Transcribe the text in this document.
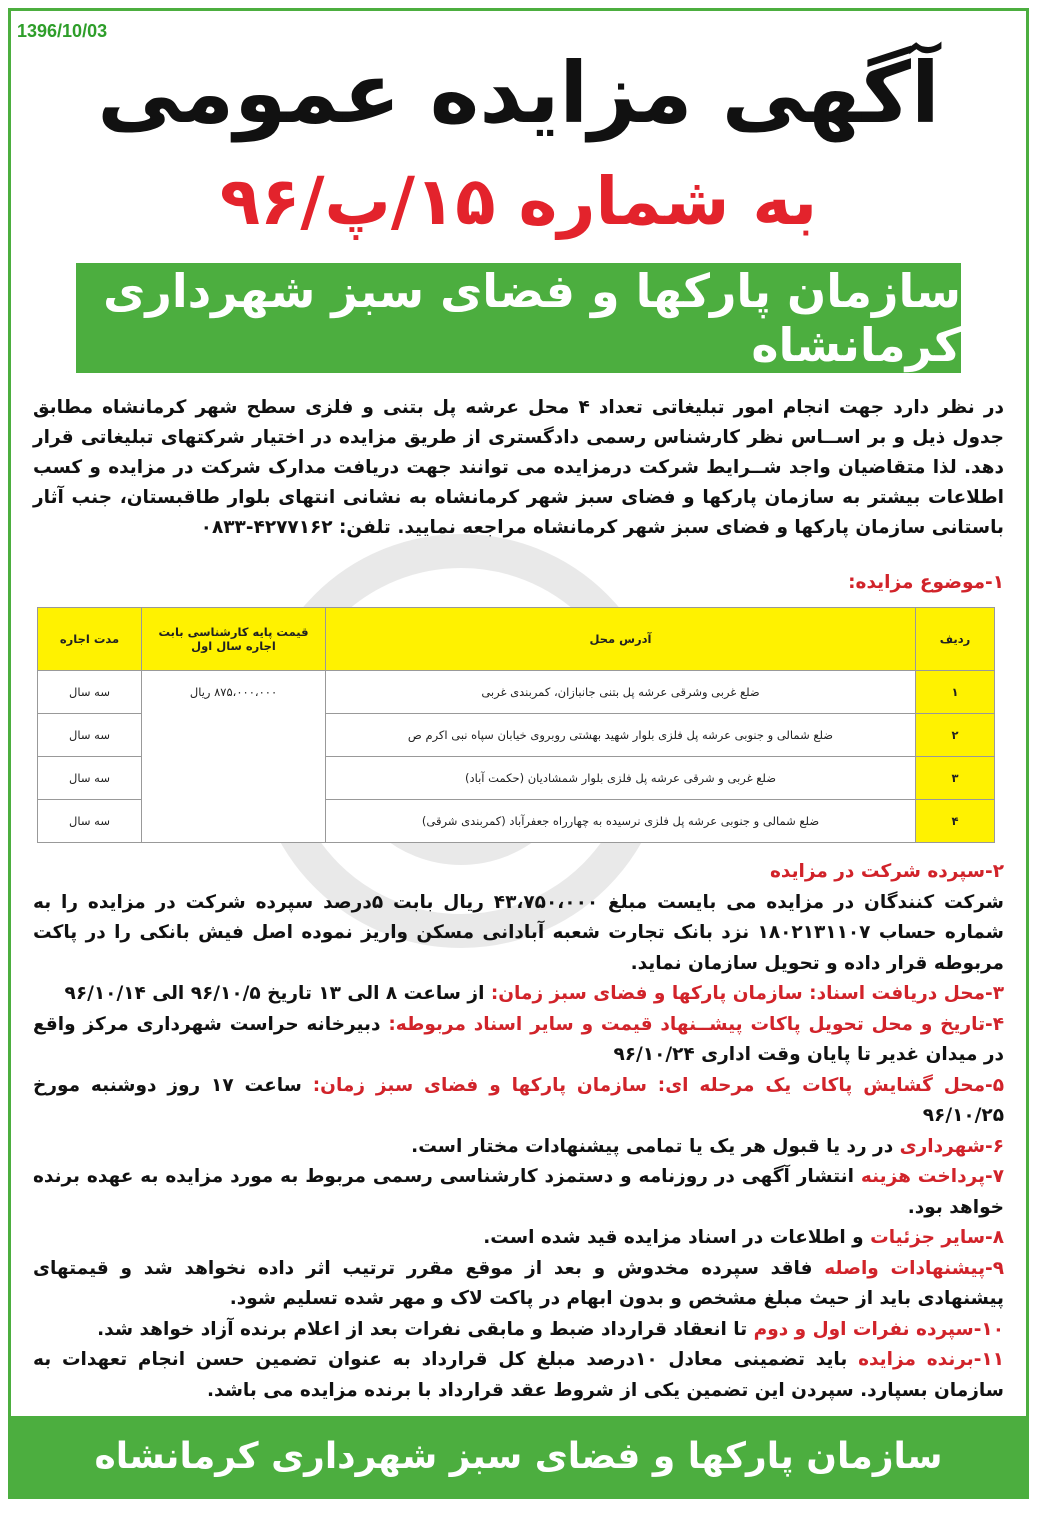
1396/10/03
آگهی مزایده عمومی
به شماره ۱۵/پ/۹۶
سازمان پارکها و فضای سبز شهرداری کرمانشاه
در نظر دارد جهت انجام امور تبلیغاتی تعداد ۴ محل عرشه پل بتنی و فلزی سطح شهر کرمانشاه مطابق جدول ذیل و بر اســاس نظر کارشناس رسمی دادگستری از طریق مزایده در اختیار شرکتهای تبلیغاتی قرار دهد. لذا متقاضیان واجد شــرایط شرکت درمزایده می توانند جهت دریافت مدارک شرکت در مزایده و کسب اطلاعات بیشتر به سازمان پارکها و فضای سبز شهر کرمانشاه به نشانی انتهای بلوار طاقبستان، جنب آثار باستانی سازمان پارکها و فضای سبز شهر کرمانشاه مراجعه نمایید. تلفن: ۴۲۷۷۱۶۲-۰۸۳۳
۱-موضوع مزایده:
ردیف	آدرس محل	قیمت پایه کارشناسی بابت اجاره سال اول	مدت اجاره
۱	ضلع غربی وشرقی عرشه پل بتنی جانبازان، کمربندی غربی	۸۷۵،۰۰۰،۰۰۰ ریال	سه سال
۲	ضلع شمالی و جنوبی عرشه پل فلزی بلوار شهید بهشتی روبروی خیابان سپاه نبی اکرم ص		سه سال
۳	ضلع غربی و شرقی عرشه پل فلزی بلوار شمشادیان (حکمت آباد)		سه سال
۴	ضلع شمالی و جنوبی عرشه پل فلزی نرسیده به چهارراه جعفرآباد (کمربندی شرقی)		سه سال

۲-سپرده شرکت در مزایده

شرکت کنندگان در مزایده می بایست مبلغ ۴۳،۷۵۰،۰۰۰ ریال بابت ۵درصد سپرده شرکت در مزایده را به شماره حساب ۱۸۰۲۱۳۱۱۰۷ نزد بانک تجارت شعبه آبادانی مسکن واریز نموده اصل فیش بانکی را در پاکت مربوطه قرار داده و تحویل سازمان نماید.

۳-محل دریافت اسناد: سازمان پارکها و فضای سبز زمان: از ساعت ۸ الی ۱۳ تاریخ ۹۶/۱۰/۵ الی ۹۶/۱۰/۱۴

۴-تاریخ و محل تحویل پاکات پیشــنهاد قیمت و سایر اسناد مربوطه: دبیرخانه حراست شهرداری مرکز واقع در میدان غدیر تا پایان وقت اداری ۹۶/۱۰/۲۴

۵-محل گشایش پاکات یک مرحله ای: سازمان پارکها و فضای سبز زمان: ساعت ۱۷ روز دوشنبه مورخ ۹۶/۱۰/۲۵

۶-شهرداری در رد یا قبول هر یک یا تمامی پیشنهادات مختار است.

۷-پرداخت هزینه انتشار آگهی در روزنامه و دستمزد کارشناسی رسمی مربوط به مورد مزایده به عهده برنده خواهد بود.

۸-سایر جزئیات و اطلاعات در اسناد مزایده قید شده است.

۹-پیشنهادات واصله فاقد سپرده مخدوش و بعد از موقع مقرر ترتیب اثر داده نخواهد شد و قیمتهای پیشنهادی باید از حیث مبلغ مشخص و بدون ابهام در پاکت لاک و مهر شده تسلیم شود.

۱۰-سپرده نفرات اول و دوم تا انعقاد قرارداد ضبط و مابقی نفرات بعد از اعلام برنده آزاد خواهد شد.

۱۱-برنده مزایده باید تضمینی معادل ۱۰درصد مبلغ کل قرارداد به عنوان تضمین حسن انجام تعهدات به سازمان بسپارد. سپردن این تضمین یکی از شروط عقد قرارداد با برنده مزایده می باشد.

سازمان پارکها و فضای سبز شهرداری کرمانشاه
